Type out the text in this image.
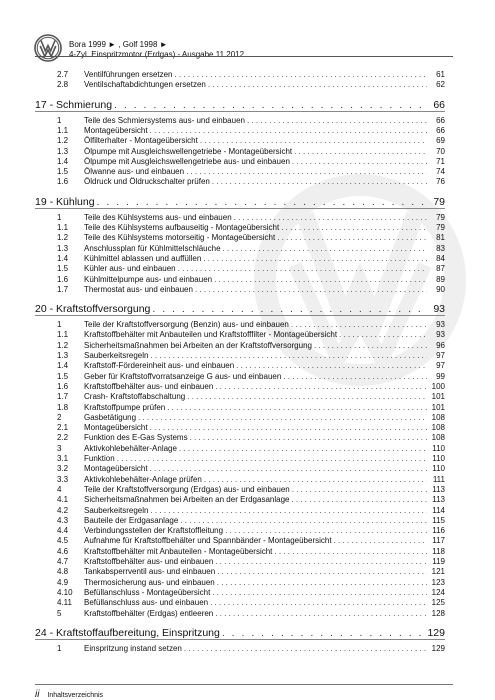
Bora 1999 ► , Golf 1998 ►
4-Zyl. Einspritzmotor (Erdgas) - Ausgabe 11.2012
2.7	Ventilführungen ersetzen . . .	61
2.8	Ventilschaftabdichtungen ersetzen . . .	62
17 - Schmierung . . .	66
1	Teile des Schmiersystems aus- und einbauen . . .	66
1.1	Montageübersicht . . .	66
1.2	Ölfilterhalter - Montageübersicht . . .	69
1.3	Ölpumpe mit Ausgleichswellengetriebe - Montageübersicht . . .	70
1.4	Ölpumpe mit Ausgleichswellengetriebe aus- und einbauen . . .	71
1.5	Ölwanne aus- und einbauen . . .	74
1.6	Öldruck und Öldruckschalter prüfen . . .	76
19 - Kühlung . . .	79
1	Teile des Kühlsystems aus- und einbauen . . .	79
1.1	Teile des Kühlsystems aufbauseitig - Montageübersicht . . .	79
1.2	Teile des Kühlsystems motorseitig - Montageübersicht . . .	81
1.3	Anschlussplan für Kühlmittelschläuche . . .	83
1.4	Kühlmittel ablassen und auffüllen . . .	84
1.5	Kühler aus- und einbauen . . .	87
1.6	Kühlmittelpumpe aus- und einbauen . . .	89
1.7	Thermostat aus- und einbauen . . .	90
20 - Kraftstoffversorgung . . .	93
1	Teile der Kraftstoffversorgung (Benzin) aus- und einbauen . . .	93
1.1	Kraftstoffbehälter mit Anbauteilen und Kraftstofffilter - Montageübersicht . . .	93
1.2	Sicherheitsmaßnahmen bei Arbeiten an der Kraftstoffversorgung . . .	96
1.3	Sauberkeitsregeln . . .	97
1.4	Kraftstoff-Fördereinheit aus- und einbauen . . .	97
1.5	Geber für Kraftstoffvorratsanzeige G aus- und einbauen . . .	99
1.6	Kraftstoffbehälter aus- und einbauen . . .	100
1.7	Crash- Kraftstoffabschaltung . . .	101
1.8	Kraftstoffpumpe prüfen . . .	101
2	Gasbetätigung . . .	108
2.1	Montageübersicht . . .	108
2.2	Funktion des E-Gas Systems . . .	108
3	Aktivkohlebehälter-Anlage . . .	110
3.1	Funktion . . .	110
3.2	Montageübersicht . . .	110
3.3	Aktivkohlebehälter-Anlage prüfen . . .	111
4	Teile der Kraftstoffversorgung (Erdgas) aus- und einbauen . . .	113
4.1	Sicherheitsmaßnahmen bei Arbeiten an der Erdgasanlage . . .	113
4.2	Sauberkeitsregeln . . .	114
4.3	Bauteile der Erdgasanlage . . .	115
4.4	Verbindungsstellen der Kraftstoffleitung . . .	116
4.5	Aufnahme für Kraftstoffbehälter und Spannbänder - Montageübersicht . . .	117
4.6	Kraftstoffbehälter mit Anbauteilen - Montageübersicht . . .	118
4.7	Kraftstoffbehälter aus- und einbauen . . .	119
4.8	Tankabsperrventil aus- und einbauen . . .	121
4.9	Thermosicherung aus- und einbauen . . .	123
4.10	Befüllanschluss - Montageübersicht . . .	124
4.11	Befüllanschluss aus- und einbauen . . .	125
5	Kraftstoffbehälter (Erdgas) entleeren . . .	128
24 - Kraftstoffaufbereitung, Einspritzung . . .	129
1	Einspritzung instand setzen . . .	129
ii Inhaltsverzeichnis
